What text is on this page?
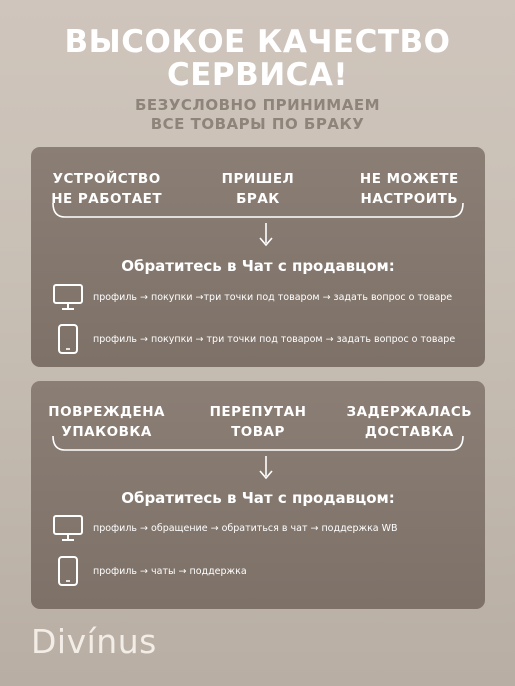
ВЫСОКОЕ КАЧЕСТВО
СЕРВИСА!
БЕЗУСЛОВНО ПРИНИМАЕМ
ВСЕ ТОВАРЫ ПО БРАКУ
УСТРОЙСТВО
НЕ РАБОТАЕТ
ПРИШЕЛ
БРАК
НЕ МОЖЕТЕ
НАСТРОИТЬ
Обратитесь в Чат с продавцом:
профиль → покупки →три точки под товаром → задать вопрос о товаре
профиль → покупки → три точки под товаром → задать вопрос о товаре
ПОВРЕЖДЕНА
УПАКОВКА
ПЕРЕПУТАН
ТОВАР
ЗАДЕРЖАЛАСЬ
ДОСТАВКА
Обратитесь в Чат с продавцом:
профиль → обращение → обратиться в чат → поддержка WB
профиль → чаты → поддержка
Divínus
